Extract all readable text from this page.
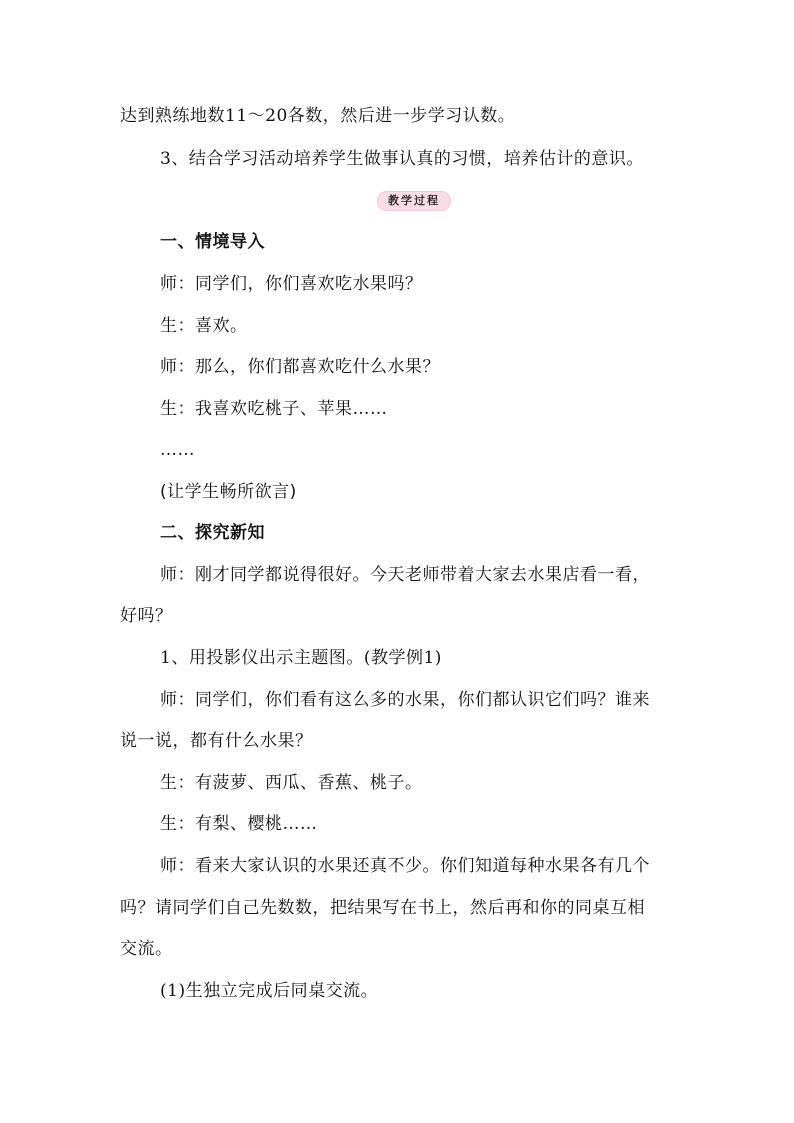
达到熟练地数11～20各数，然后进一步学习认数。
3、结合学习活动培养学生做事认真的习惯，培养估计的意识。
教学过程
一、情境导入
师：同学们，你们喜欢吃水果吗？
生：喜欢。
师：那么，你们都喜欢吃什么水果？
生：我喜欢吃桃子、苹果……
……
(让学生畅所欲言)
二、探究新知
师：刚才同学都说得很好。今天老师带着大家去水果店看一看，
好吗？
1、用投影仪出示主题图。(教学例1)
师：同学们，你们看有这么多的水果，你们都认识它们吗？谁来
说一说，都有什么水果？
生：有菠萝、西瓜、香蕉、桃子。
生：有梨、樱桃……
师：看来大家认识的水果还真不少。你们知道每种水果各有几个
吗？请同学们自己先数数，把结果写在书上，然后再和你的同桌互相
交流。
(1)生独立完成后同桌交流。
